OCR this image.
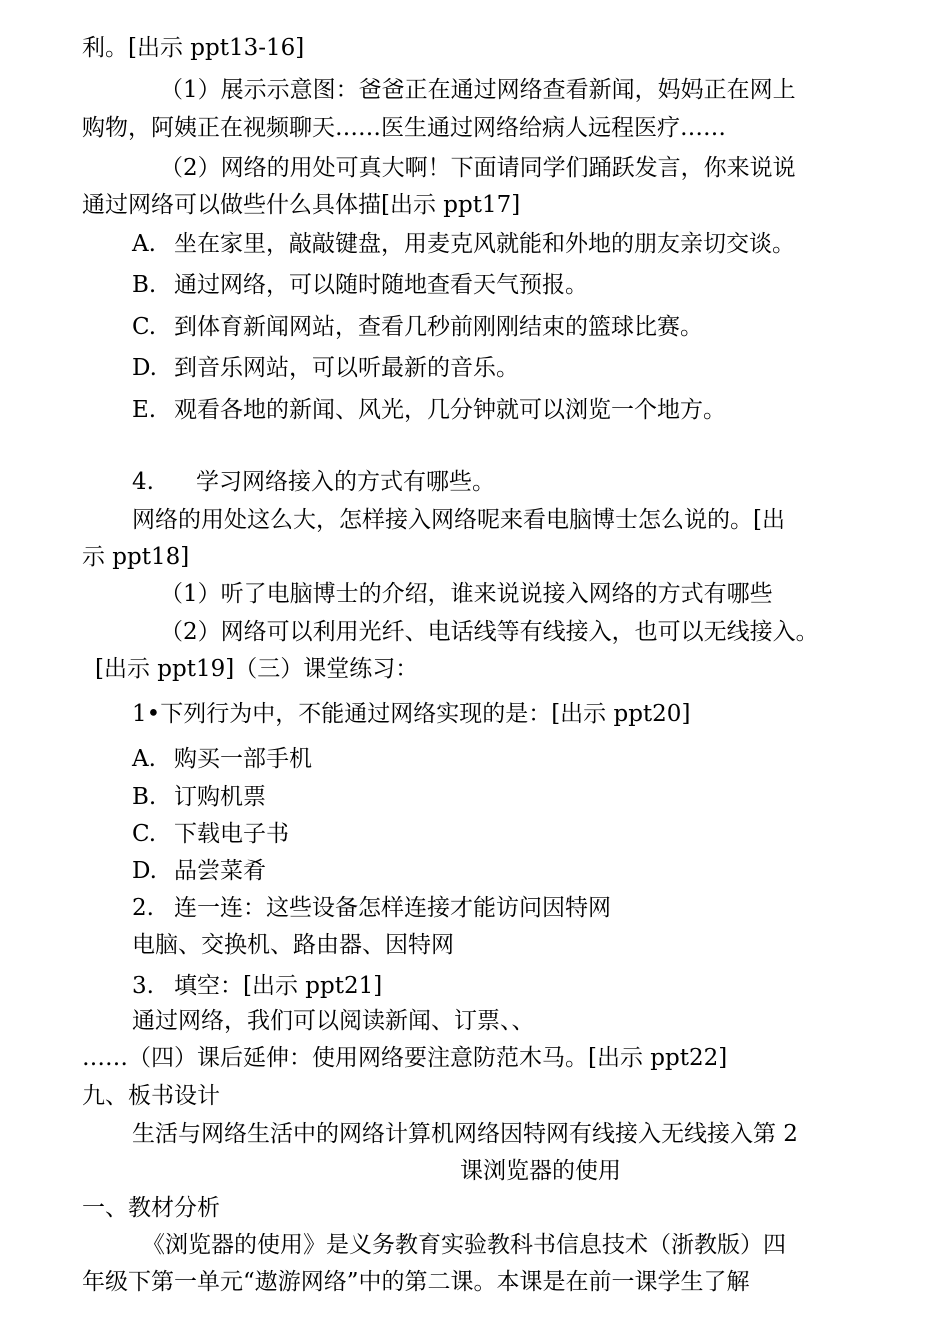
利。[出示 ppt13-16]
（1）展示示意图：爸爸正在通过网络查看新闻，妈妈正在网上
购物，阿姨正在视频聊天……医生通过网络给病人远程医疗……
（2）网络的用处可真大啊！下面请同学们踊跃发言，你来说说
通过网络可以做些什么具体描[出示 ppt17]
A. 坐在家里，敲敲键盘，用麦克风就能和外地的朋友亲切交谈。
B. 通过网络，可以随时随地查看天气预报。
C. 到体育新闻网站，查看几秒前刚刚结束的篮球比赛。
D. 到音乐网站，可以听最新的音乐。
E. 观看各地的新闻、风光，几分钟就可以浏览一个地方。
4. 学习网络接入的方式有哪些。
网络的用处这么大，怎样接入网络呢来看电脑博士怎么说的。[出
示 ppt18]
（1）听了电脑博士的介绍，谁来说说接入网络的方式有哪些
（2）网络可以利用光纤、电话线等有线接入，也可以无线接入。
[出示 ppt19]（三）课堂练习：
1•下列行为中，不能通过网络实现的是：[出示 ppt20]
A. 购买一部手机
B. 订购机票
C. 下载电子书
D. 品尝菜肴
2. 连一连：这些设备怎样连接才能访问因特网
电脑、交换机、路由器、因特网
3. 填空：[出示 ppt21]
通过网络，我们可以阅读新闻、订票、、
……（四）课后延伸：使用网络要注意防范木马。[出示 ppt22]
九、板书设计
生活与网络生活中的网络计算机网络因特网有线接入无线接入第 2
课浏览器的使用
一、教材分析
《浏览器的使用》是义务教育实验教科书信息技术（浙教版）四
年级下第一单元“遨游网络”中的第二课。本课是在前一课学生了解
